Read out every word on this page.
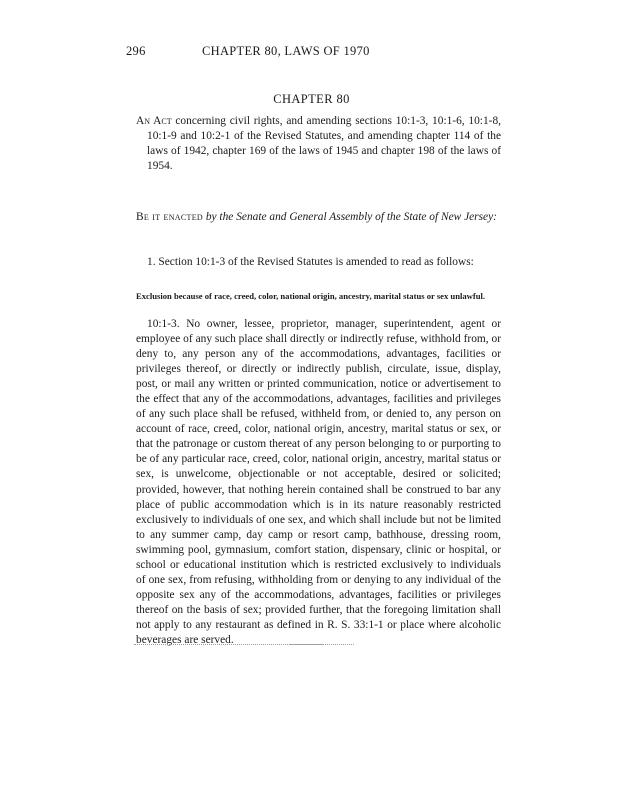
296	CHAPTER 80, LAWS OF 1970
CHAPTER 80
An Act concerning civil rights, and amending sections 10:1-3, 10:1-6, 10:1-8, 10:1-9 and 10:2-1 of the Revised Statutes, and amending chapter 114 of the laws of 1942, chapter 169 of the laws of 1945 and chapter 198 of the laws of 1954.
Be it enacted by the Senate and General Assembly of the State of New Jersey:
1. Section 10:1-3 of the Revised Statutes is amended to read as follows:
Exclusion because of race, creed, color, national origin, ancestry, marital status or sex unlawful.
10:1-3. No owner, lessee, proprietor, manager, superintendent, agent or employee of any such place shall directly or indirectly refuse, withhold from, or deny to, any person any of the accommodations, advantages, facilities or privileges thereof, or directly or indirectly publish, circulate, issue, display, post, or mail any written or printed communication, notice or advertisement to the effect that any of the accommodations, advantages, facilities and privileges of any such place shall be refused, withheld from, or denied to, any person on account of race, creed, color, national origin, ancestry, marital status or sex, or that the patronage or custom thereat of any person belonging to or purporting to be of any particular race, creed, color, national origin, ancestry, marital status or sex, is unwelcome, objectionable or not acceptable, desired or solicited; provided, however, that nothing herein contained shall be construed to bar any place of public accommodation which is in its nature reasonably restricted exclusively to individuals of one sex, and which shall include but not be limited to any summer camp, day camp or resort camp, bathhouse, dressing room, swimming pool, gymnasium, comfort station, dispensary, clinic or hospital, or school or educational institution which is restricted exclusively to individuals of one sex, from refusing, withholding from or denying to any individual of the opposite sex any of the accommodations, advantages, facilities or privileges thereof on the basis of sex; provided further, that the foregoing limitation shall not apply to any restaurant as defined in R. S. 33:1-1 or place where alcoholic beverages are served.
